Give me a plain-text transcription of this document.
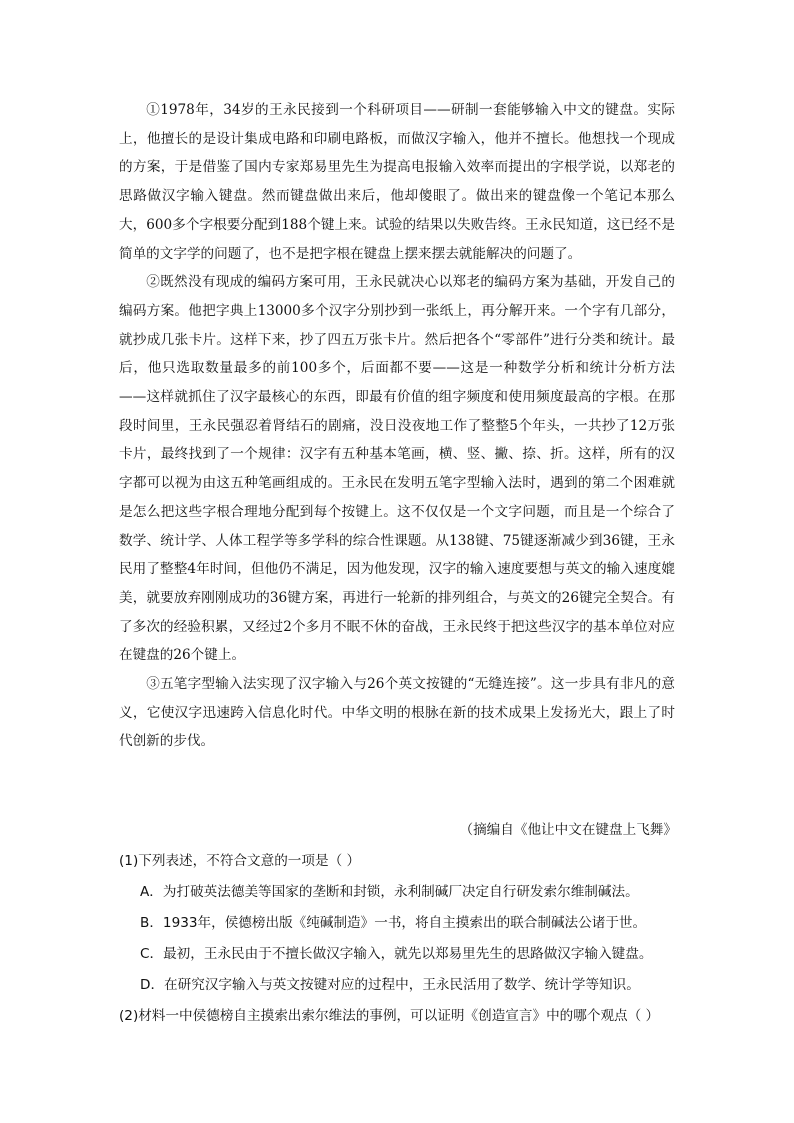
①1978年，34岁的王永民接到一个科研项目——研制一套能够输入中文的键盘。实际上，他擅长的是设计集成电路和印刷电路板，而做汉字输入，他并不擅长。他想找一个现成的方案，于是借鉴了国内专家郑易里先生为提高电报输入效率而提出的字根学说，以郑老的思路做汉字输入键盘。然而键盘做出来后，他却傻眼了。做出来的键盘像一个笔记本那么大，600多个字根要分配到188个键上来。试验的结果以失败告终。王永民知道，这已经不是简单的文字学的问题了，也不是把字根在键盘上摆来摆去就能解决的问题了。

②既然没有现成的编码方案可用，王永民就决心以郑老的编码方案为基础，开发自己的编码方案。他把字典上13000多个汉字分别抄到一张纸上，再分解开来。一个字有几部分，就抄成几张卡片。这样下来，抄了四五万张卡片。然后把各个“零部件”进行分类和统计。最后，他只选取数量最多的前100多个，后面都不要——这是一种数学分析和统计分析方法——这样就抓住了汉字最核心的东西，即最有价值的组字频度和使用频度最高的字根。在那段时间里，王永民强忍着肾结石的剧痛，没日没夜地工作了整整5个年头，一共抄了12万张卡片，最终找到了一个规律：汉字有五种基本笔画，横、竖、撇、捺、折。这样，所有的汉字都可以视为由这五种笔画组成的。王永民在发明五笔字型输入法时，遇到的第二个困难就是怎么把这些字根合理地分配到每个按键上。这不仅仅是一个文字问题，而且是一个综合了数学、统计学、人体工程学等多学科的综合性课题。从138键、75键逐渐减少到36键，王永民用了整整4年时间，但他仍不满足，因为他发现，汉字的输入速度要想与英文的输入速度媲美，就要放弃刚刚成功的36键方案，再进行一轮新的排列组合，与英文的26键完全契合。有了多次的经验积累，又经过2个多月不眠不休的奋战，王永民终于把这些汉字的基本单位对应在键盘的26个键上。

③五笔字型输入法实现了汉字输入与26个英文按键的“无缝连接”。这一步具有非凡的意义，它使汉字迅速跨入信息化时代。中华文明的根脉在新的技术成果上发扬光大，跟上了时代创新的步伐。

（摘编自《他让中文在键盘上飞舞》
(1)下列表述，不符合文意的一项是（ ）
A．为打破英法德美等国家的垄断和封锁，永利制碱厂决定自行研发索尔维制碱法。
B．1933年，侯德榜出版《纯碱制造》一书，将自主摸索出的联合制碱法公诸于世。
C．最初，王永民由于不擅长做汉字输入，就先以郑易里先生的思路做汉字输入键盘。
D．在研究汉字输入与英文按键对应的过程中，王永民活用了数学、统计学等知识。
(2)材料一中侯德榜自主摸索出索尔维法的事例，可以证明《创造宣言》中的哪个观点（ ）
